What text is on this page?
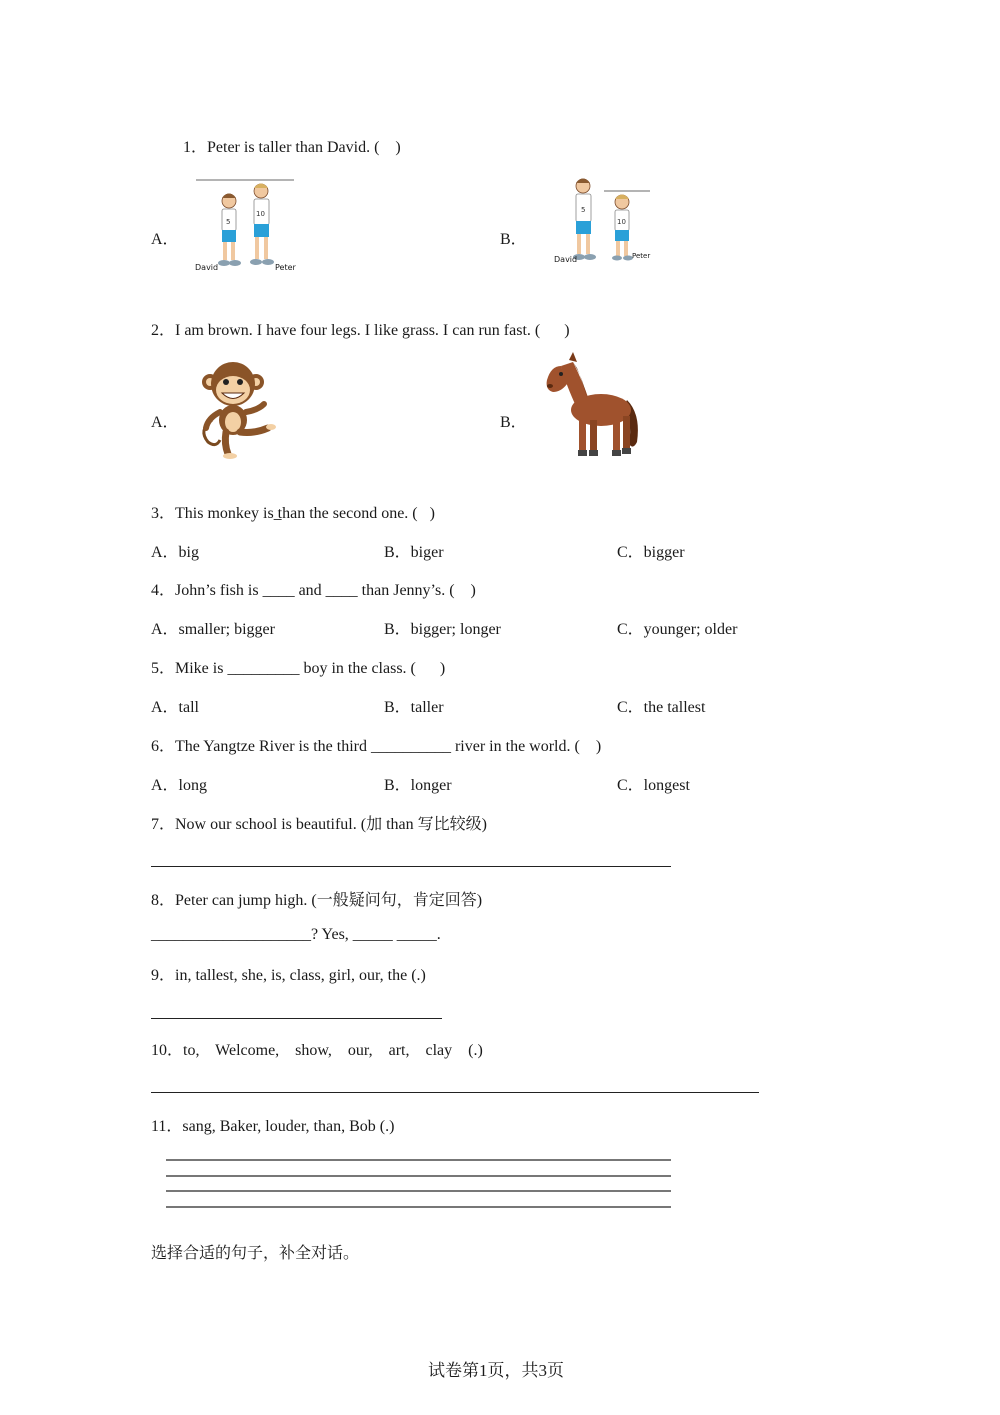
1．Peter is taller than David. (    )
A．
5
10
David	Peter
B．
5
10
David	Peter
2．I am brown. I have four legs. I like grass. I can run fast. (      )
A．	B．
3．This monkey is ̲than the second one. (   )
A．big	B．biger	C．bigger
4．John’s fish is ____ and ____ than Jenny’s. (    )
A．smaller; bigger	B．bigger; longer	C．younger; older
5．Mike is _________ boy in the class. (      )
A．tall	B．taller	C．the tallest
6．The Yangtze River is the third __________ river in the world. (    )
A．long	B．longer	C．longest
7．Now our school is beautiful. (加 than 写比较级)
8．Peter can jump high. (一般疑问句，肯定回答)
____________________? Yes, _____ _____.
9．in, tallest, she, is, class, girl, our, the (.)
10．to,    Welcome,    show,    our,    art,    clay    (.)
11．sang, Baker, louder, than, Bob (.)
选择合适的句子，补全对话。
试卷第1页，共3页
